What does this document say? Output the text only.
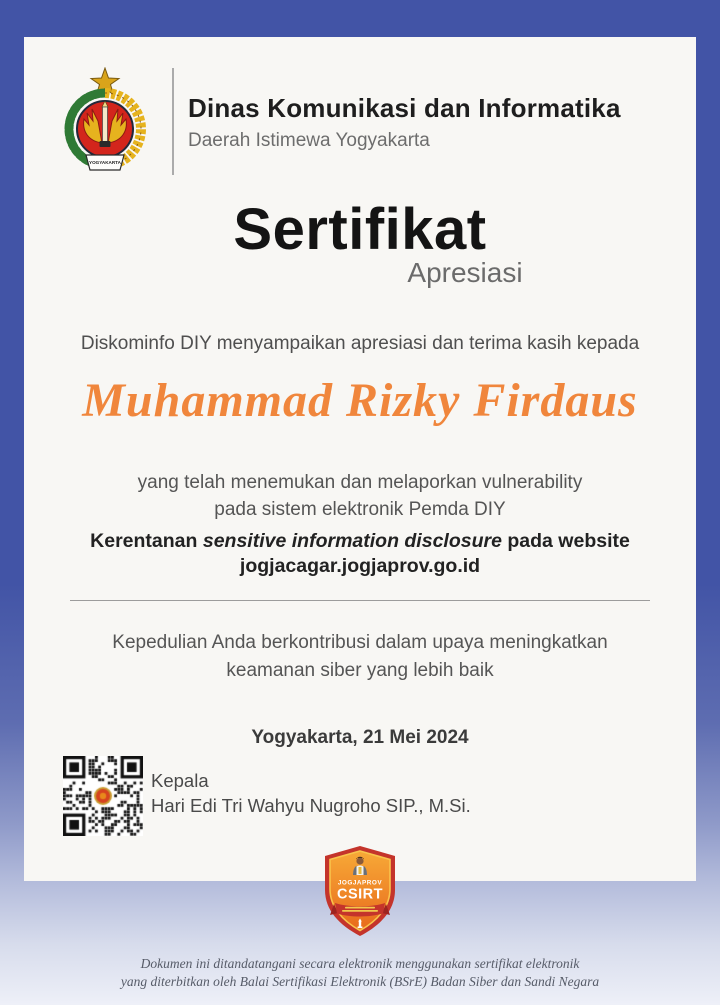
YOGYAKARTA
Dinas Komunikasi dan Informatika
Daerah Istimewa Yogyakarta
Sertifikat
Apresiasi
Diskominfo DIY menyampaikan apresiasi dan terima kasih kepada
Muhammad Rizky Firdaus
yang telah menemukan dan melaporkan vulnerability
pada sistem elektronik Pemda DIY
Kerentanan sensitive information disclosure pada website
jogjacagar.jogjaprov.go.id
Kepedulian Anda berkontribusi dalam upaya meningkatkan
keamanan siber yang lebih baik
Yogyakarta, 21 Mei 2024
Kepala
Hari Edi Tri Wahyu Nugroho SIP., M.Si.
JOGJAPROV
CSIRT
Dokumen ini ditandatangani secara elektronik menggunakan sertifikat elektronik
yang diterbitkan oleh Balai Sertifikasi Elektronik (BSrE) Badan Siber dan Sandi Negara
